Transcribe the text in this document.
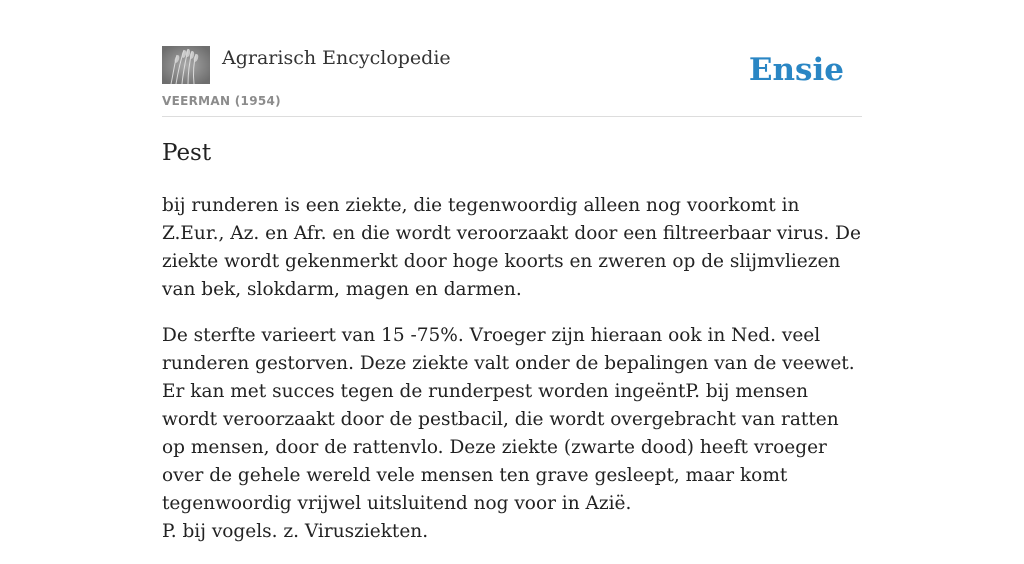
Agrarisch Encyclopedie
VEERMAN (1954)
Ensie
Pest

bij runderen is een ziekte, die tegenwoordig alleen nog voorkomt in Z.Eur., Az. en Afr. en die wordt veroorzaakt door een filtreerbaar virus. De ziekte wordt gekenmerkt door hoge koorts en zweren op de slijmvliezen van bek, slokdarm, magen en darmen.

De sterfte varieert van 15 -75%. Vroeger zijn hieraan ook in Ned. veel runderen gestorven. Deze ziekte valt onder de bepalingen van de veewet. Er kan met succes tegen de runderpest worden ingeëntP. bij mensen wordt veroorzaakt door de pestbacil, die wordt overgebracht van ratten op mensen, door de rattenvlo. Deze ziekte (zwarte dood) heeft vroeger over de gehele wereld vele mensen ten grave gesleept, maar komt tegenwoordig vrijwel uitsluitend nog voor in Azië.
P. bij vogels. z. Virusziekten.
